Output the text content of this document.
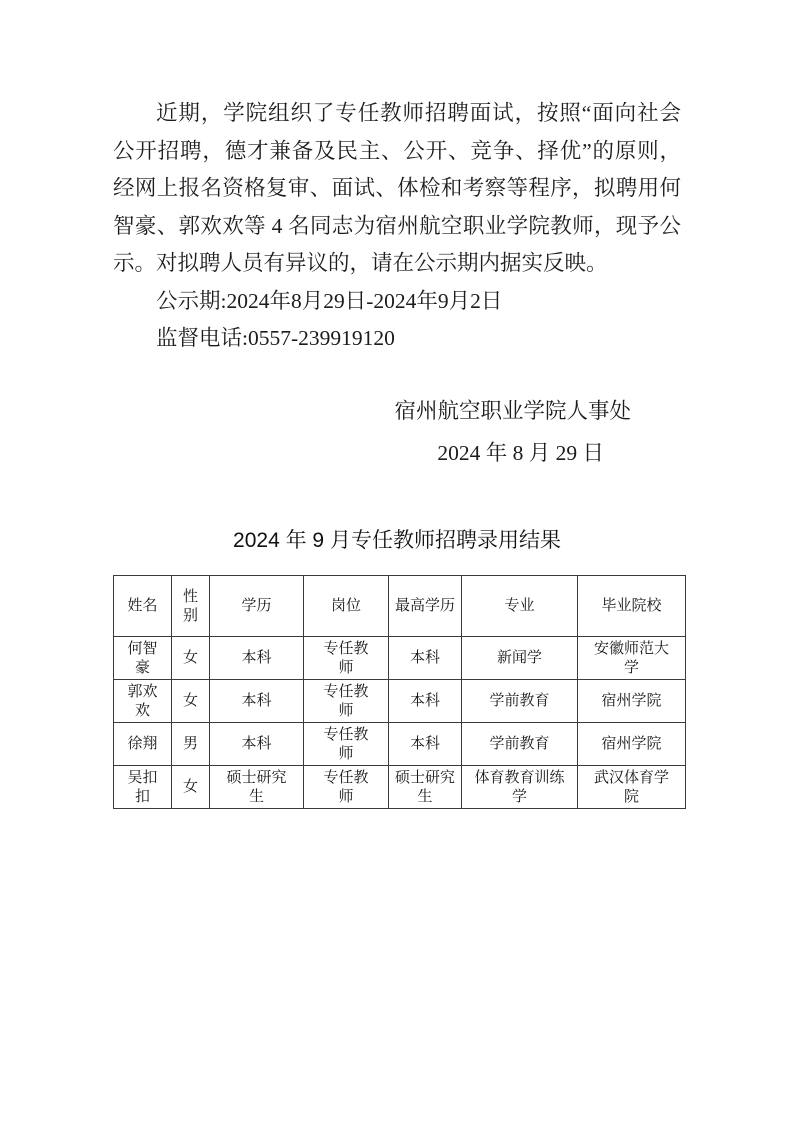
近期，学院组织了专任教师招聘面试，按照“面向社会
公开招聘，德才兼备及民主、公开、竞争、择优”的原则，
经网上报名资格复审、面试、体检和考察等程序，拟聘用何
智豪、郭欢欢等 4 名同志为宿州航空职业学院教师，现予公
示。对拟聘人员有异议的，请在公示期内据实反映。
公示期:2024年8月29日-2024年9月2日
监督电话:0557-239919120
宿州航空职业学院人事处
2024 年 8 月 29 日
2024 年 9 月专任教师招聘录用结果
姓名	性别	学历	岗位	最高学历	专业	毕业院校
何智豪	女	本科	专任教师	本科	新闻学	安徽师范大学
郭欢欢	女	本科	专任教师	本科	学前教育	宿州学院
徐翔	男	本科	专任教师	本科	学前教育	宿州学院
吴扣扣	女	硕士研究生	专任教师	硕士研究生	体育教育训练学	武汉体育学院
